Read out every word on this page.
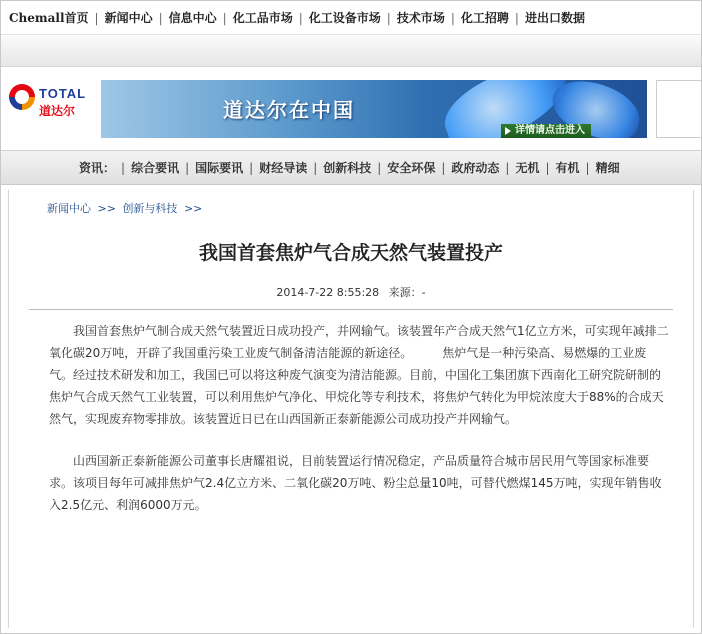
Chemall首页 | 新闻中心 | 信息中心 | 化工品市场 | 化工设备市场 | 技术市场 | 化工招聘 | 进出口数据
TOTAL
道达尔	道达尔在中国
详情请点击进入
资讯： | 综合要讯 | 国际要讯 | 财经导读 | 创新科技 | 安全环保 | 政府动态 | 无机 | 有机 | 精细
新闻中心 >> 创新与科技 >>
我国首套焦炉气合成天然气装置投产
2014-7-22 8:55:28 来源：-

我国首套焦炉气制合成天然气装置近日成功投产，并网输气。该装置年产合成天然气1亿立方米，可实现年减排二氧化碳20万吨，开辟了我国重污染工业废气制备清洁能源的新途径。　　　焦炉气是一种污染高、易燃爆的工业废气。经过技术研发和加工，我国已可以将这种废气演变为清洁能源。目前，中国化工集团旗下西南化工研究院研制的焦炉气合成天然气工业装置，可以利用焦炉气净化、甲烷化等专利技术，将焦炉气转化为甲烷浓度大于88%的合成天然气，实现废弃物零排放。该装置近日已在山西国新正泰新能源公司成功投产并网输气。

山西国新正泰新能源公司董事长唐耀祖说，目前装置运行情况稳定，产品质量符合城市居民用气等国家标准要求。该项目每年可减排焦炉气2.4亿立方米、二氧化碳20万吨、粉尘总量10吨，可替代燃煤145万吨，实现年销售收入2.5亿元、利润6000万元。
